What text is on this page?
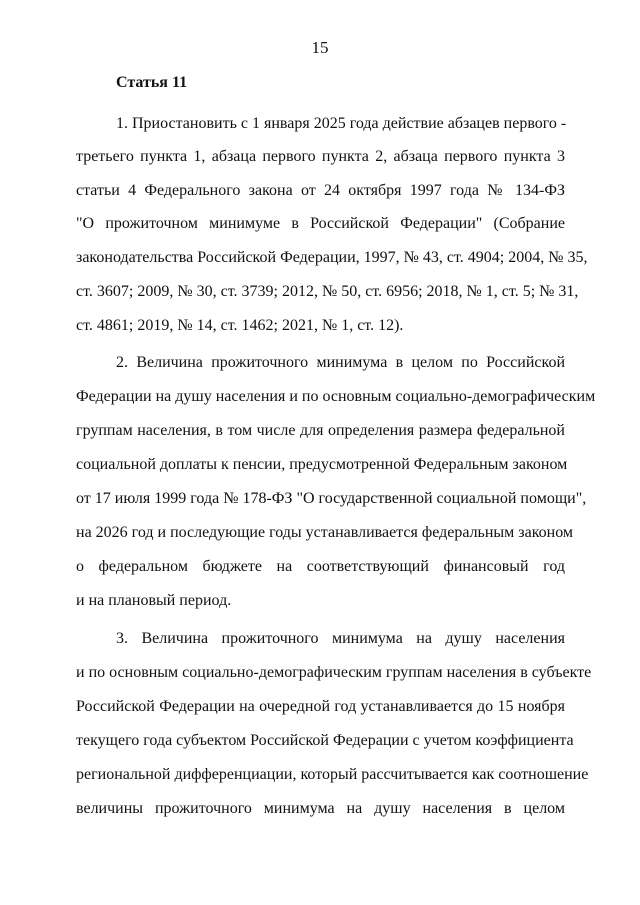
15
Статья 11
1. Приостановить с 1 января 2025 года действие абзацев первого -
третьего пункта 1, абзаца первого пункта 2, абзаца первого пункта 3
статьи 4 Федерального закона от 24 октября 1997 года № 134-ФЗ
"О прожиточном минимуме в Российской Федерации" (Собрание
законодательства Российской Федерации, 1997, № 43, ст. 4904; 2004, № 35,
ст. 3607; 2009, № 30, ст. 3739; 2012, № 50, ст. 6956; 2018, № 1, ст. 5; № 31,
ст. 4861; 2019, № 14, ст. 1462; 2021, № 1, ст. 12).
2. Величина прожиточного минимума в целом по Российской
Федерации на душу населения и по основным социально-демографическим
группам населения, в том числе для определения размера федеральной
социальной доплаты к пенсии, предусмотренной Федеральным законом
от 17 июля 1999 года № 178-ФЗ "О государственной социальной помощи",
на 2026 год и последующие годы устанавливается федеральным законом
о федеральном бюджете на соответствующий финансовый год
и на плановый период.
3. Величина прожиточного минимума на душу населения
и по основным социально-демографическим группам населения в субъекте
Российской Федерации на очередной год устанавливается до 15 ноября
текущего года субъектом Российской Федерации с учетом коэффициента
региональной дифференциации, который рассчитывается как соотношение
величины прожиточного минимума на душу населения в целом
